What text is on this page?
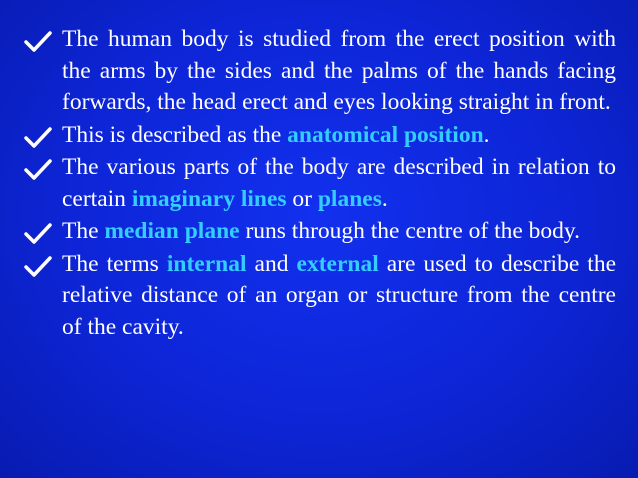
The human body is studied from the erect position with the arms by the sides and the palms of the hands facing forwards, the head erect and eyes looking straight in front.
This is described as the anatomical position.
The various parts of the body are described in relation to certain imaginary lines or planes.
The median plane runs through the centre of the body.
The terms internal and external are used to describe the relative distance of an organ or structure from the centre of the cavity.
